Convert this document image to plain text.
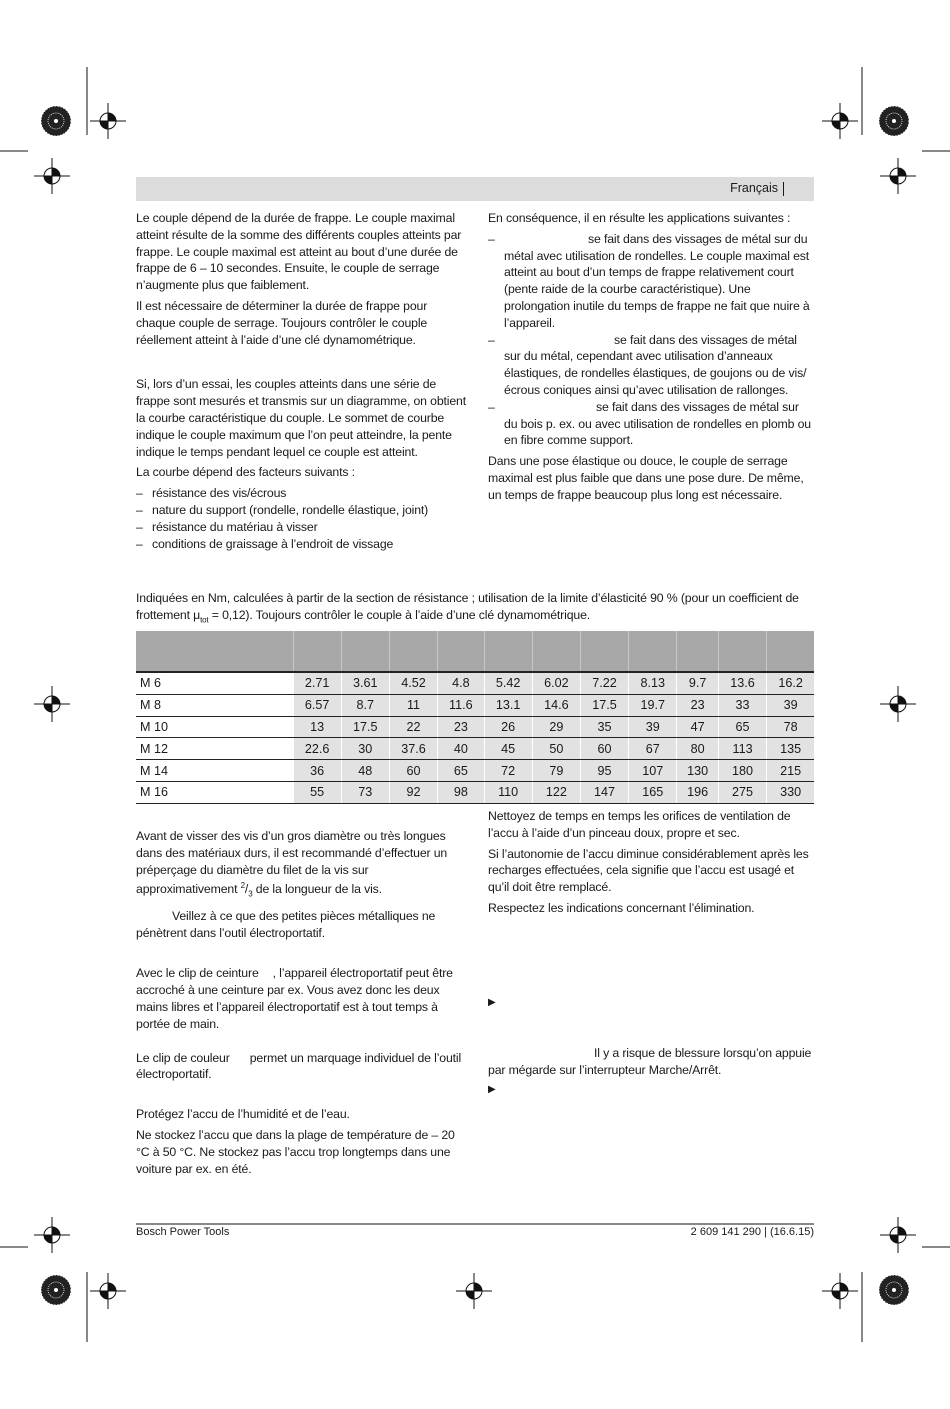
Français

Le couple dépend de la durée de frappe. Le couple maximal atteint résulte de la somme des différents couples atteints par frappe. Le couple maximal est atteint au bout d’une durée de frappe de 6 – 10 secondes. Ensuite, le couple de serrage n’augmente plus que faiblement.

Il est nécessaire de déterminer la durée de frappe pour chaque couple de serrage. Toujours contrôler le couple réellement atteint à l’aide d’une clé dynamométrique.

Si, lors d’un essai, les couples atteints dans une série de frappe sont mesurés et transmis sur un diagramme, on obtient la courbe caractéristique du couple. Le sommet de courbe indique le couple maximum que l’on peut atteindre, la pente indique le temps pendant lequel ce couple est atteint.

La courbe dépend des facteurs suivants :

– résistance des vis/écrous
– nature du support (rondelle, rondelle élastique, joint)
– résistance du matériau à visser
– conditions de graissage à l’endroit de vissage

En conséquence, il en résulte les applications suivantes :

– se fait dans des vissages de métal sur du métal avec utilisation de rondelles. Le couple maximal est atteint au bout d’un temps de frappe relativement court (pente raide de la courbe caractéristique). Une prolongation inutile du temps de frappe ne fait que nuire à l’appareil.
– se fait dans des vissages de métal sur du métal, cependant avec utilisation d’anneaux élastiques, de rondelles élastiques, de goujons ou de vis/écrous coniques ainsi qu’avec utilisation de rallonges.
– se fait dans des vissages de métal sur du bois p. ex. ou avec utilisation de rondelles en plomb ou en fibre comme support.

Dans une pose élastique ou douce, le couple de serrage maximal est plus faible que dans une pose dure. De même, un temps de frappe beaucoup plus long est nécessaire.

Indiquées en Nm, calculées à partir de la section de résistance ; utilisation de la limite d’élasticité 90 % (pour un coefficient de frottement $\mu_{tot} = 0,12$). Toujours contrôler le couple à l’aide d’une clé dynamométrique.

M 6	2.71	3.61	4.52	4.8	5.42	6.02	7.22	8.13	9.7	13.6	16.2
M 8	6.57	8.7	11	11.6	13.1	14.6	17.5	19.7	23	33	39
M 10	13	17.5	22	23	26	29	35	39	47	65	78
M 12	22.6	30	37.6	40	45	50	60	67	80	113	135
M 14	36	48	60	65	72	79	95	107	130	180	215
M 16	55	73	92	98	110	122	147	165	196	275	330

Avant de visser des vis d’un gros diamètre ou très longues dans des matériaux durs, il est recommandé d’effectuer un préperçage du diamètre du filet de la vis sur approximativement $^2/_3$ de la longueur de la vis.

Veillez à ce que des petites pièces métalliques ne pénètrent dans l’outil électroportatif.

Avec le clip de ceinture , l’appareil électroportatif peut être accroché à une ceinture par ex. Vous avez donc les deux mains libres et l’appareil électroportatif est à tout temps à portée de main.

Le clip de couleur permet un marquage individuel de l’outil électroportatif.

Protégez l’accu de l’humidité et de l’eau.

Ne stockez l’accu que dans la plage de température de – 20 °C à 50 °C. Ne stockez pas l’accu trop longtemps dans une voiture par ex. en été.

Nettoyez de temps en temps les orifices de ventilation de l’accu à l’aide d’un pinceau doux, propre et sec.

Si l’autonomie de l’accu diminue considérablement après les recharges effectuées, cela signifie que l’accu est usagé et qu’il doit être remplacé.

Respectez les indications concernant l’élimination.

▶
Il y a risque de blessure lorsqu’on appuie par mégarde sur l’interrupteur Marche/Arrêt.
▶
Bosch Power Tools	2 609 141 290 | (16.6.15)
